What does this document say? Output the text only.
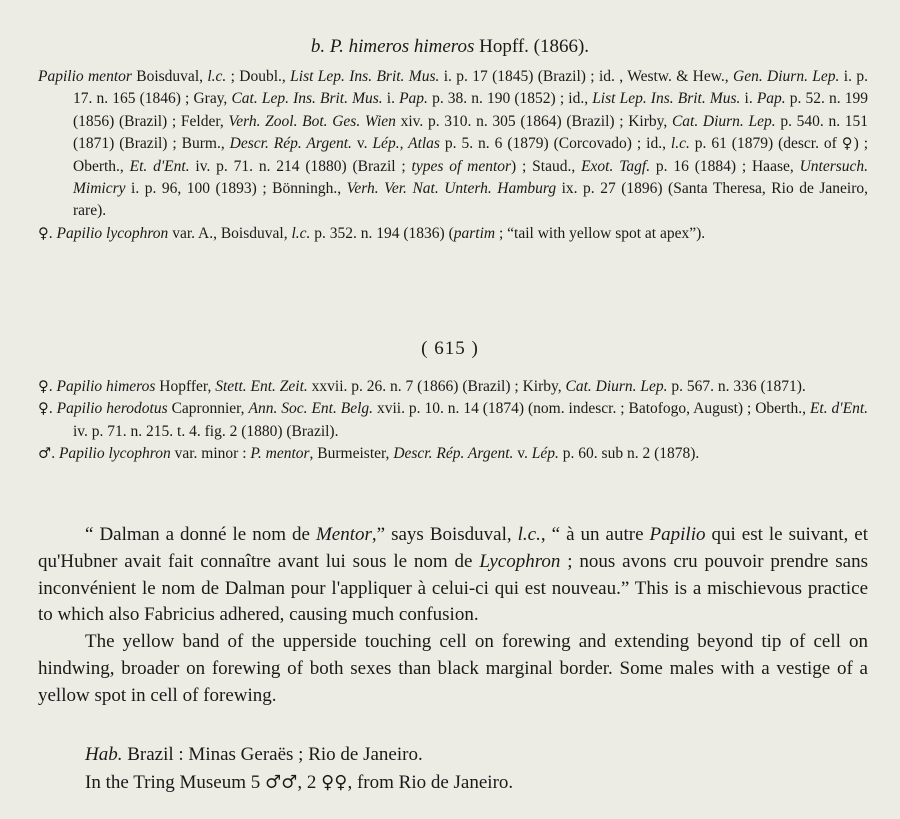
b. P. himeros himeros Hopff. (1866).

Papilio mentor Boisduval, l.c. ; Doubl., List Lep. Ins. Brit. Mus. i. p. 17 (1845) (Brazil) ; id. , Westw. & Hew., Gen. Diurn. Lep. i. p. 17. n. 165 (1846) ; Gray, Cat. Lep. Ins. Brit. Mus. i. Pap. p. 38. n. 190 (1852) ; id., List Lep. Ins. Brit. Mus. i. Pap. p. 52. n. 199 (1856) (Brazil) ; Felder, Verh. Zool. Bot. Ges. Wien xiv. p. 310. n. 305 (1864) (Brazil) ; Kirby, Cat. Diurn. Lep. p. 540. n. 151 (1871) (Brazil) ; Burm., Descr. Rép. Argent. v. Lép., Atlas p. 5. n. 6 (1879) (Corcovado) ; id., l.c. p. 61 (1879) (descr. of ♀) ; Oberth., Et. d'Ent. iv. p. 71. n. 214 (1880) (Brazil ; types of mentor) ; Staud., Exot. Tagf. p. 16 (1884) ; Haase, Untersuch. Mimicry i. p. 96, 100 (1893) ; Bönningh., Verh. Ver. Nat. Unterh. Hamburg ix. p. 27 (1896) (Santa Theresa, Rio de Janeiro, rare).

♀. Papilio lycophron var. A., Boisduval, l.c. p. 352. n. 194 (1836) (partim ; “tail with yellow spot at apex”).

( 615 )

♀. Papilio himeros Hopffer, Stett. Ent. Zeit. xxvii. p. 26. n. 7 (1866) (Brazil) ; Kirby, Cat. Diurn. Lep. p. 567. n. 336 (1871).

♀. Papilio herodotus Capronnier, Ann. Soc. Ent. Belg. xvii. p. 10. n. 14 (1874) (nom. indescr. ; Batofogo, August) ; Oberth., Et. d'Ent. iv. p. 71. n. 215. t. 4. fig. 2 (1880) (Brazil).

♂. Papilio lycophron var. minor : P. mentor, Burmeister, Descr. Rép. Argent. v. Lép. p. 60. sub n. 2 (1878).

“ Dalman a donné le nom de Mentor,” says Boisduval, l.c., “ à un autre Papilio qui est le suivant, et qu'Hubner avait fait connaître avant lui sous le nom de Lycophron ; nous avons cru pouvoir prendre sans inconvénient le nom de Dalman pour l'appliquer à celui-ci qui est nouveau.” This is a mischievous practice to which also Fabricius adhered, causing much confusion.

The yellow band of the upperside touching cell on forewing and extending beyond tip of cell on hindwing, broader on forewing of both sexes than black marginal border. Some males with a vestige of a yellow spot in cell of forewing.

Hab. Brazil : Minas Geraës ; Rio de Janeiro.
In the Tring Museum 5 ♂♂, 2 ♀♀, from Rio de Janeiro.
